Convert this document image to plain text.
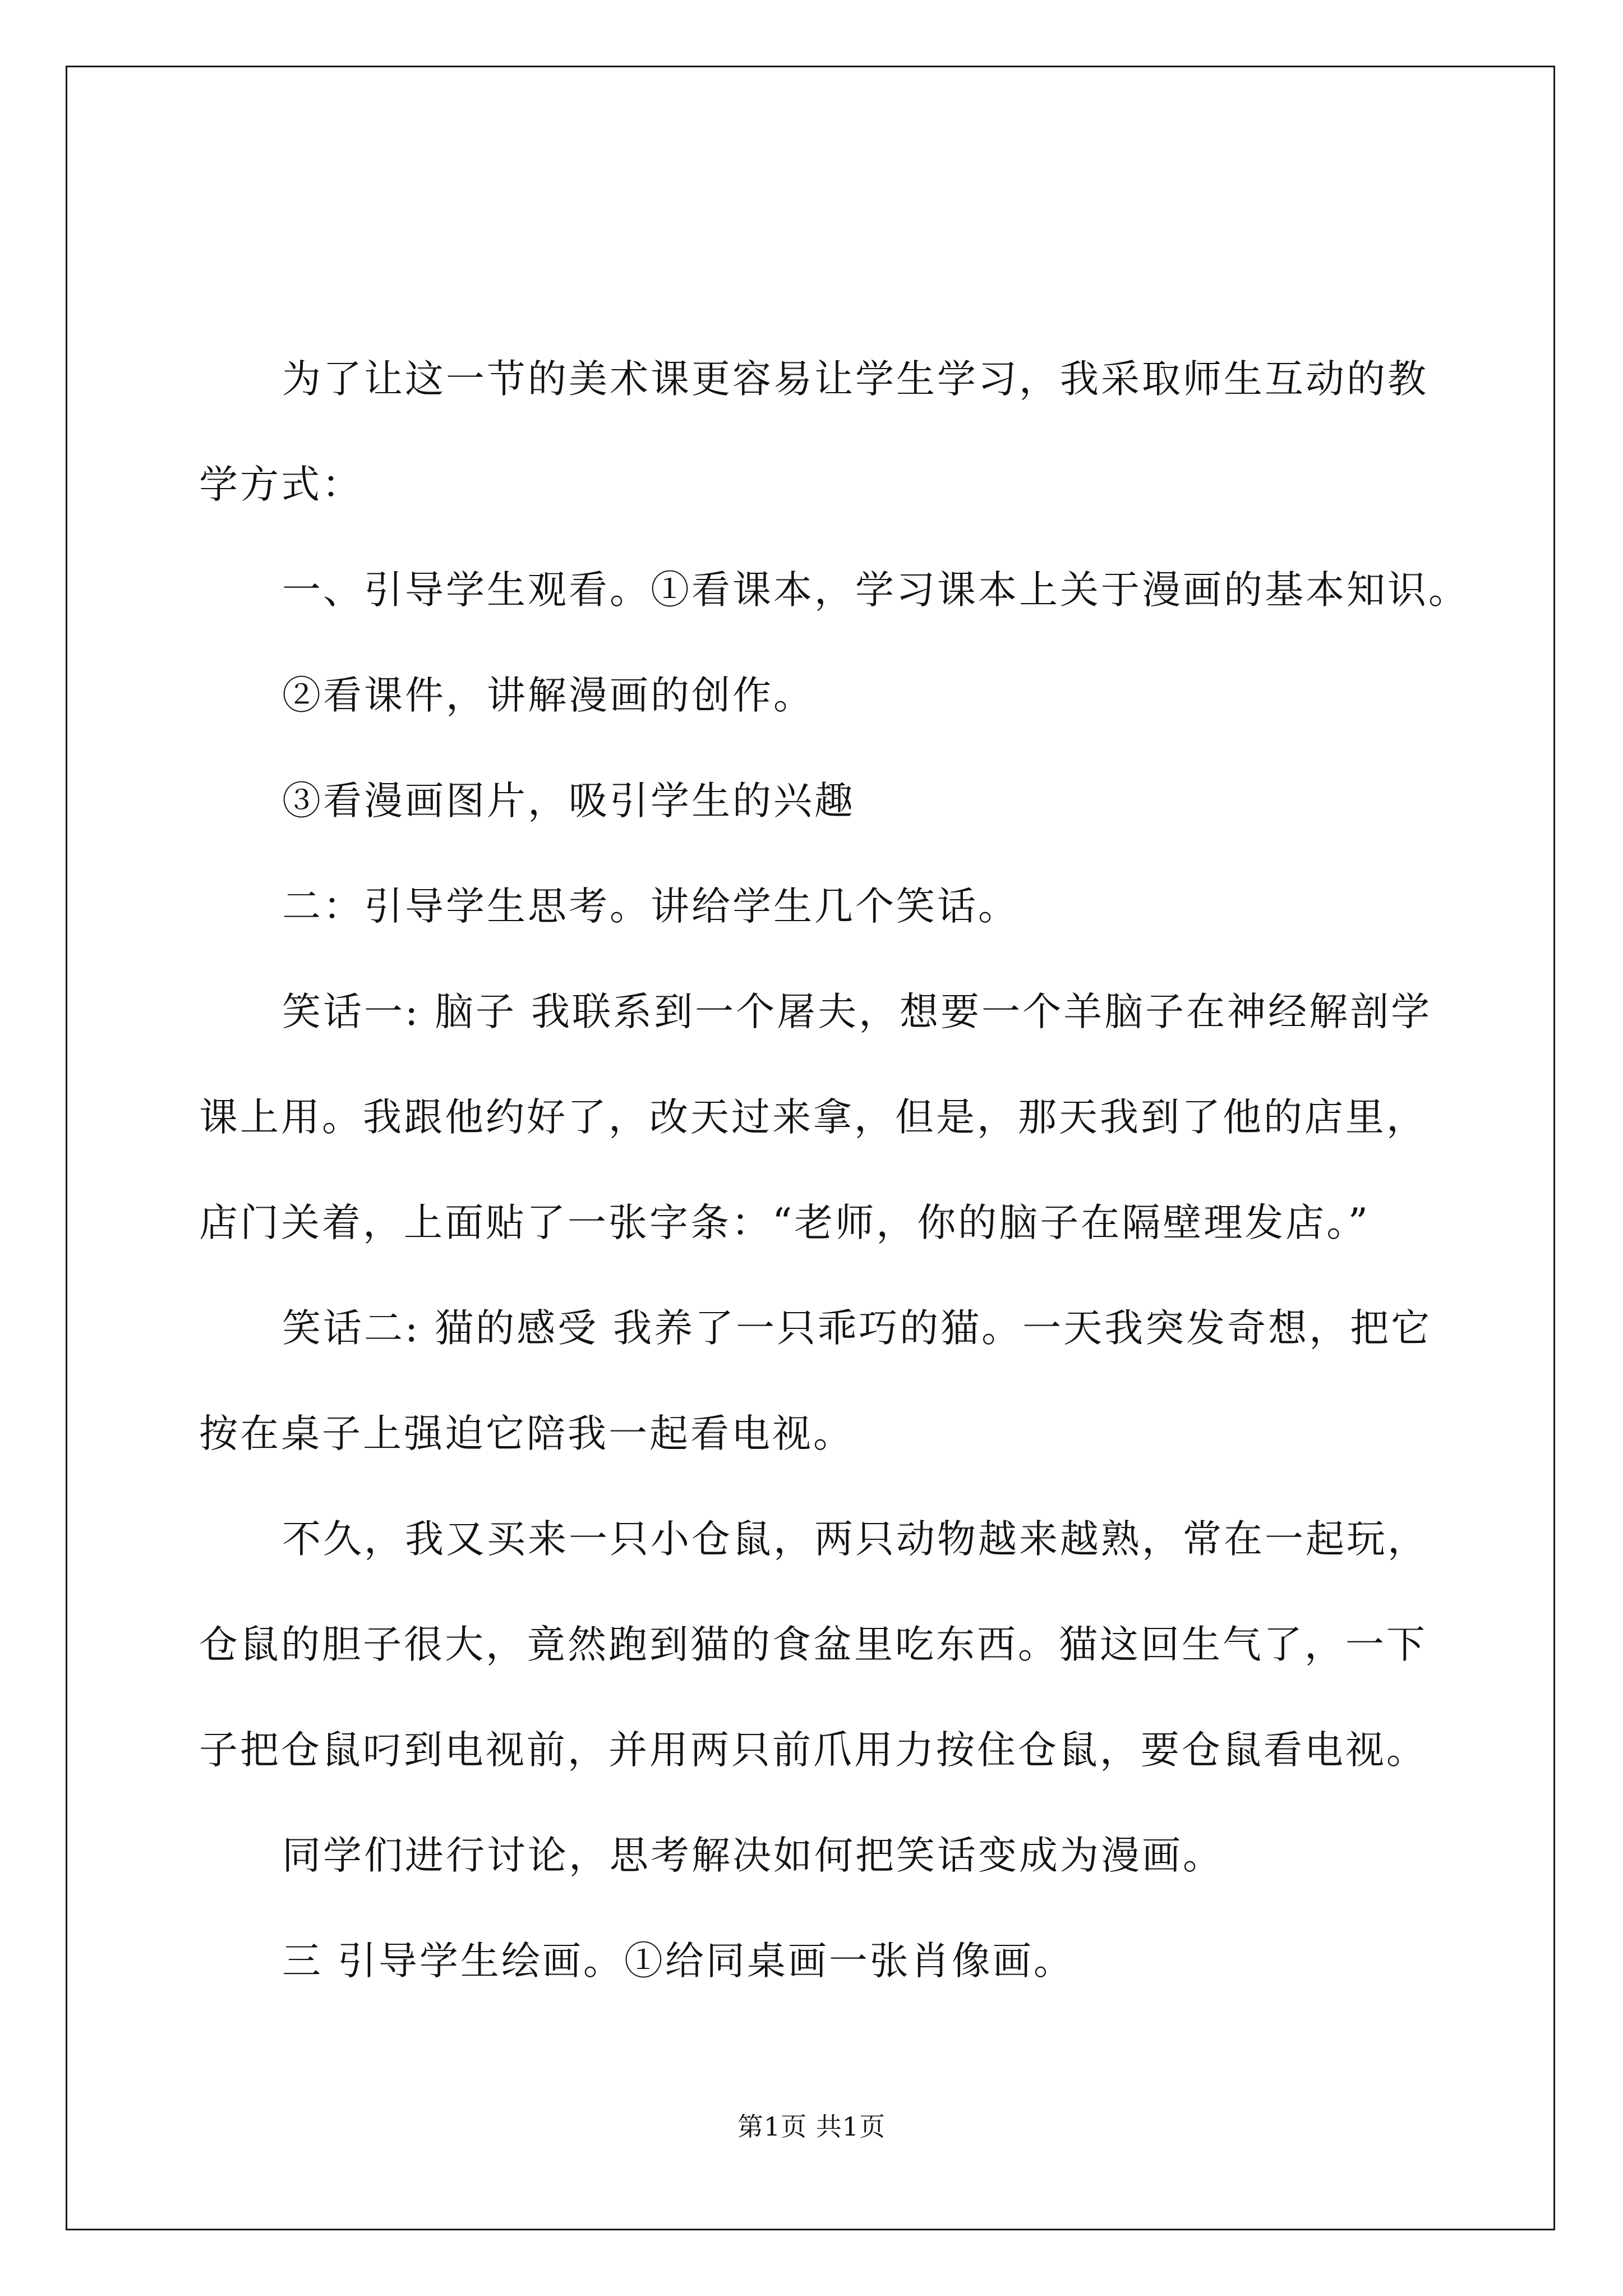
为了让这一节的美术课更容易让学生学习，我采取师生互动的教
学方式：
一、引导学生观看。①看课本，学习课本上关于漫画的基本知识。
②看课件，讲解漫画的创作。
③看漫画图片，吸引学生的兴趣
二：引导学生思考。讲给学生几个笑话。
笑话一: 脑子 我联系到一个屠夫，想要一个羊脑子在神经解剖学
课上用。我跟他约好了，改天过来拿，但是，那天我到了他的店里，
店门关着，上面贴了一张字条：“老师，你的脑子在隔壁理发店。”
笑话二: 猫的感受 我养了一只乖巧的猫。一天我突发奇想，把它
按在桌子上强迫它陪我一起看电视。
不久，我又买来一只小仓鼠，两只动物越来越熟，常在一起玩，
仓鼠的胆子很大，竟然跑到猫的食盆里吃东西。猫这回生气了，一下
子把仓鼠叼到电视前，并用两只前爪用力按住仓鼠，要仓鼠看电视。
同学们进行讨论，思考解决如何把笑话变成为漫画。
三 引导学生绘画。①给同桌画一张肖像画。
第1页 共1页
